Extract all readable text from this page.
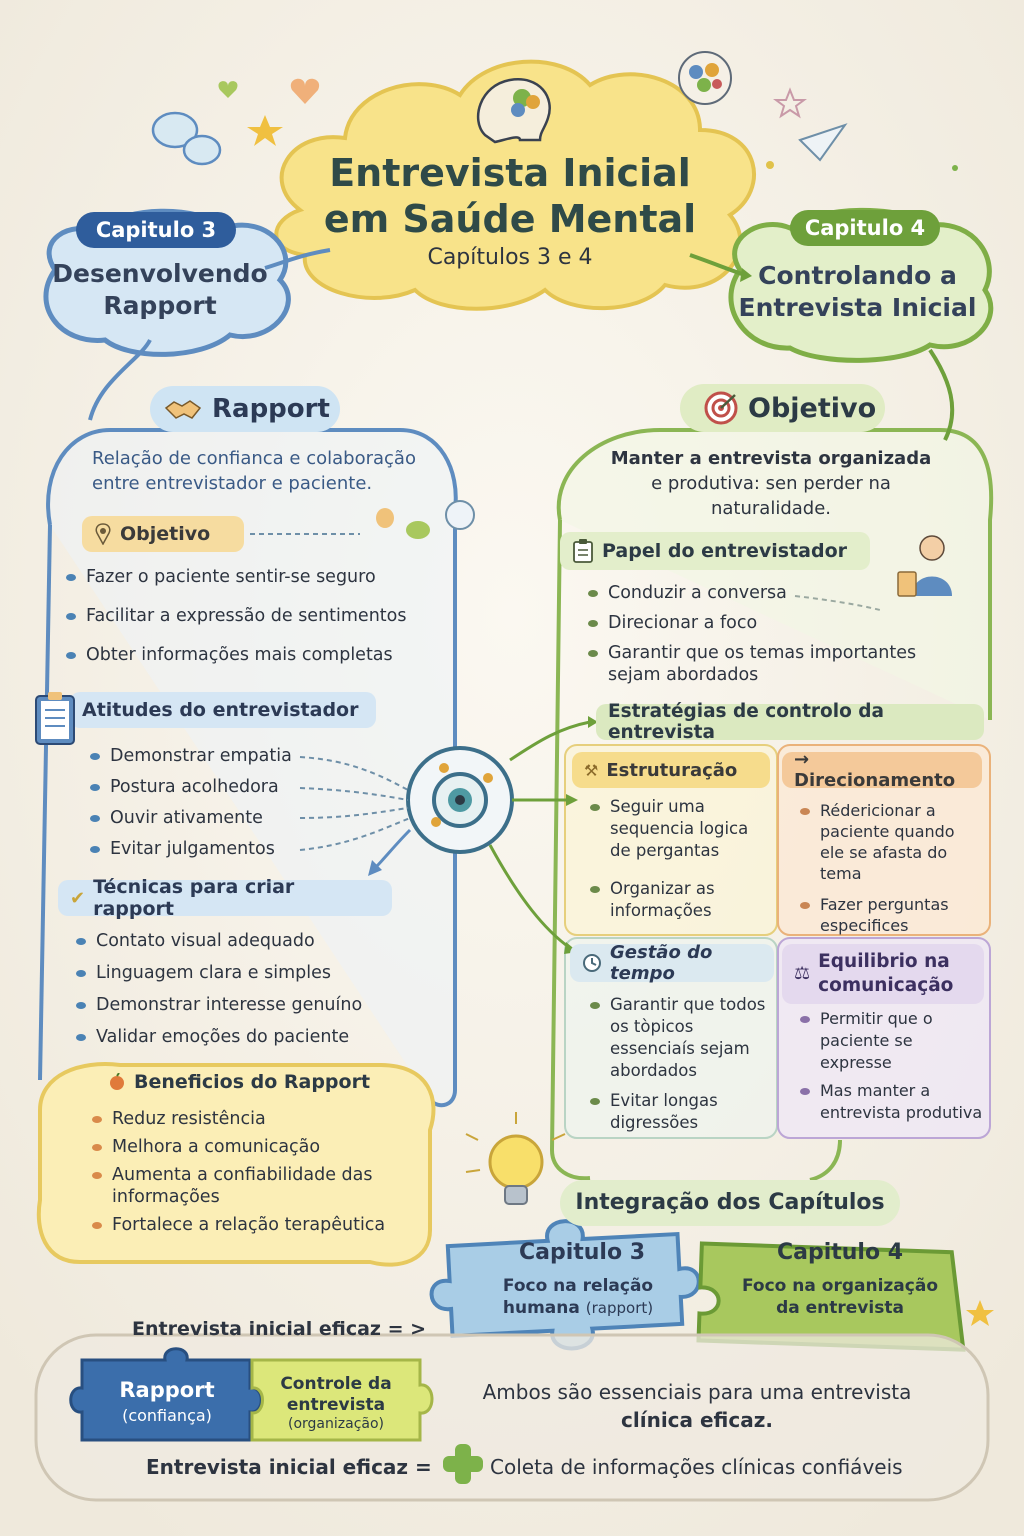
Entrevista Inicial em Saúde Mental
Capítulos 3 e 4
Capitulo 3
Desenvolvendo Rapport
Capitulo 4
Controlando a Entrevista Inicial
Rapport
Relação de confianca e colaboração entre entrevistador e paciente.
Objetivo
Manter a entrevista organizada
e produtiva: sen perder na naturalidade.
Objetivo
Fazer o paciente sentir-se seguro
Facilitar a expressão de sentimentos
Obter informações mais completas
Atitudes do entrevistador
Demonstrar empatia
Postura acolhedora
Ouvir ativamente
Evitar julgamentos
✔ Técnicas para criar rapport
Contato visual adequado
Linguagem clara e simples
Demonstrar interesse genuíno
Validar emoções do paciente
Beneficios do Rapport
Reduz resistência
Melhora a comunicação
Aumenta a confiabilidade das informações
Fortalece a relação terapêutica
Papel do entrevistador
Conduzir a conversa
Direcionar a foco
Garantir que os temas importantes sejam abordados
Estratégias de controlo da entrevista
⚒ Estruturação
Seguir uma sequencia logica de pergantas
Organizar as informações
→ Direcionamento
Rédericionar a paciente quando ele se afasta do tema
Fazer perguntas especifices
Gestão do tempo
Garantir que todos os tòpicos essenciaís sejam abordados
Evitar longas digressões
⚖
Equilibrio na comunicação
Permitir que o paciente se expresse
Mas manter a entrevista produtiva
Integração dos Capítulos
Capitulo 3
Foco na relação humana (rapport)
Capitulo 4
Foco na organização da entrevista
Entrevista inicial eficaz = >
Rapport
(confiança)
Controle da entrevista
(organização)
Ambos são essenciais para uma entrevista
clínica eficaz.
Entrevista inicial eficaz =	Coleta de informações clínicas confiáveis
